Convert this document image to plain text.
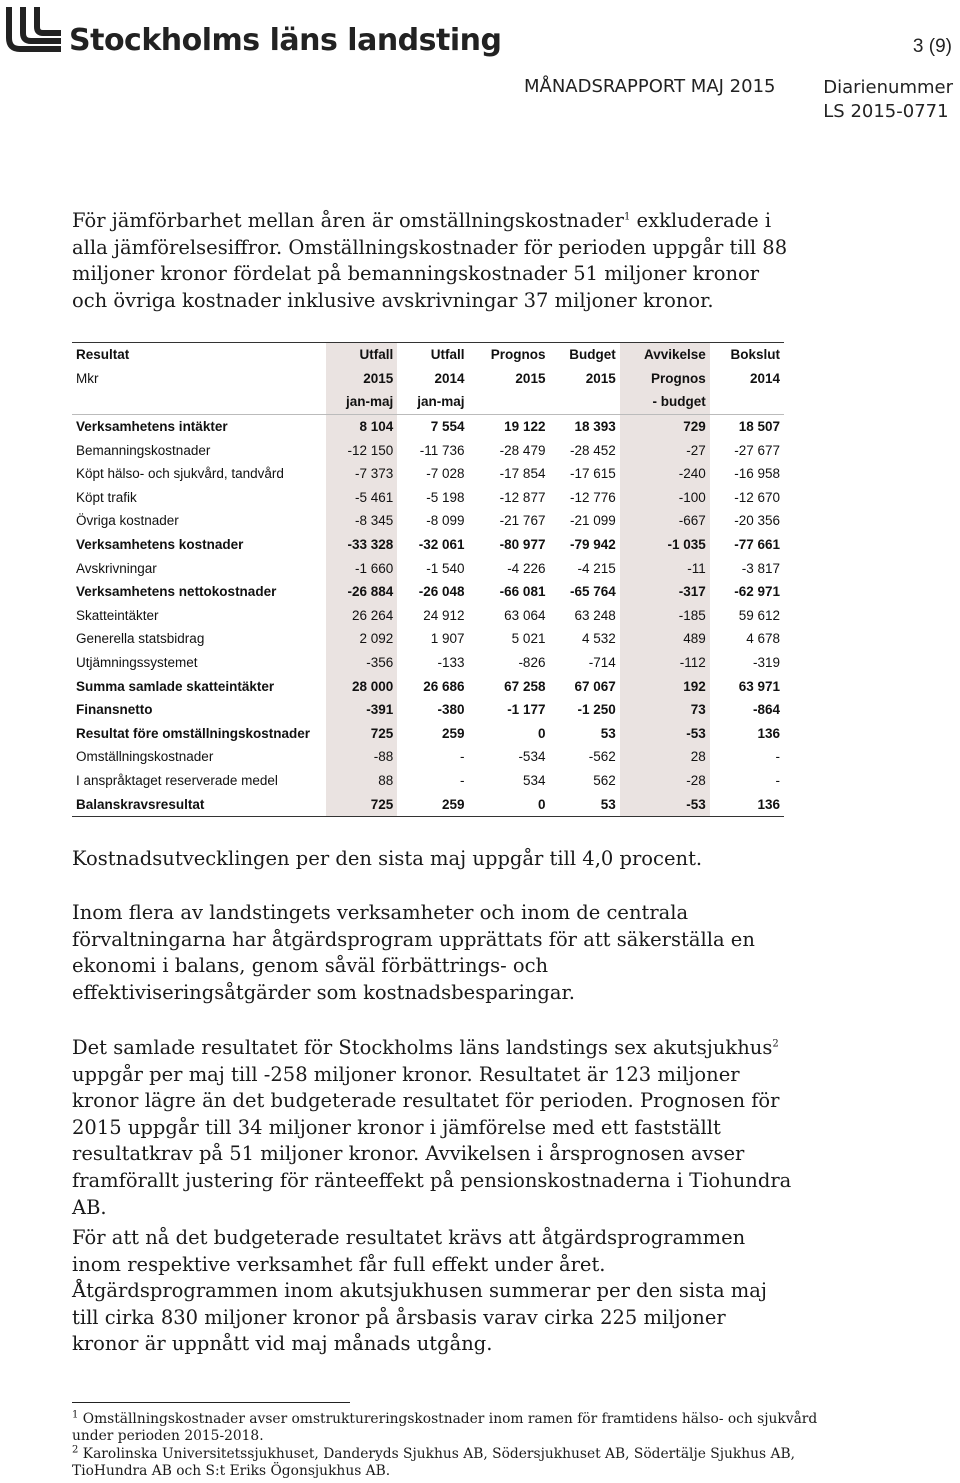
Stockholms läns landsting	3 (9)
MÅNADSRAPPORT MAJ 2015	Diarienummer
LS 2015-0771

För jämförbarhet mellan åren är omställningskostnader$^1$ exkluderade i alla jämförelsesiffror. Omställningskostnader för perioden uppgår till 88 miljoner kronor fördelat på bemanningskostnader 51 miljoner kronor och övriga kostnader inklusive avskrivningar 37 miljoner kronor.

Resultat	Utfall	Utfall	Prognos	Budget	Avvikelse	Bokslut
Mkr	2015	2014	2015	2015	Prognos	2014
	jan-maj	jan-maj			- budget	
Verksamhetens intäkter	8 104	7 554	19 122	18 393	729	18 507
Bemanningskostnader	-12 150	-11 736	-28 479	-28 452	-27	-27 677
Köpt hälso- och sjukvård, tandvård	-7 373	-7 028	-17 854	-17 615	-240	-16 958
Köpt trafik	-5 461	-5 198	-12 877	-12 776	-100	-12 670
Övriga kostnader	-8 345	-8 099	-21 767	-21 099	-667	-20 356
Verksamhetens kostnader	-33 328	-32 061	-80 977	-79 942	-1 035	-77 661
Avskrivningar	-1 660	-1 540	-4 226	-4 215	-11	-3 817
Verksamhetens nettokostnader	-26 884	-26 048	-66 081	-65 764	-317	-62 971
Skatteintäkter	26 264	24 912	63 064	63 248	-185	59 612
Generella statsbidrag	2 092	1 907	5 021	4 532	489	4 678
Utjämningssystemet	-356	-133	-826	-714	-112	-319
Summa samlade skatteintäkter	28 000	26 686	67 258	67 067	192	63 971
Finansnetto	-391	-380	-1 177	-1 250	73	-864
Resultat före omställningskostnader	725	259	0	53	-53	136
Omställningskostnader	-88	-	-534	-562	28	-
I anspråktaget reserverade medel	88	-	534	562	-28	-
Balanskravsresultat	725	259	0	53	-53	136

Kostnadsutvecklingen per den sista maj uppgår till 4,0 procent.

Inom flera av landstingets verksamheter och inom de centrala förvaltningarna har åtgärdsprogram upprättats för att säkerställa en ekonomi i balans, genom såväl förbättrings- och effektiviseringsåtgärder som kostnadsbesparingar.

Det samlade resultatet för Stockholms läns landstings sex akutsjukhus$^2$ uppgår per maj till -258 miljoner kronor. Resultatet är 123 miljoner kronor lägre än det budgeterade resultatet för perioden. Prognosen för 2015 uppgår till 34 miljoner kronor i jämförelse med ett fastställt resultatkrav på 51 miljoner kronor. Avvikelsen i årsprognosen avser framförallt justering för ränteeffekt på pensionskostnaderna i Tiohundra AB.

För att nå det budgeterade resultatet krävs att åtgärdsprogrammen inom respektive verksamhet får full effekt under året. Åtgärdsprogrammen inom akutsjukhusen summerar per den sista maj till cirka 830 miljoner kronor på årsbasis varav cirka 225 miljoner kronor är uppnått vid maj månads utgång.

$^1$ Omställningskostnader avser omstruktureringskostnader inom ramen för framtidens hälso- och sjukvård under perioden 2015-2018.

$^2$ Karolinska Universitetssjukhuset, Danderyds Sjukhus AB, Södersjukhuset AB, Södertälje Sjukhus AB, TioHundra AB och S:t Eriks Ögonsjukhus AB.
